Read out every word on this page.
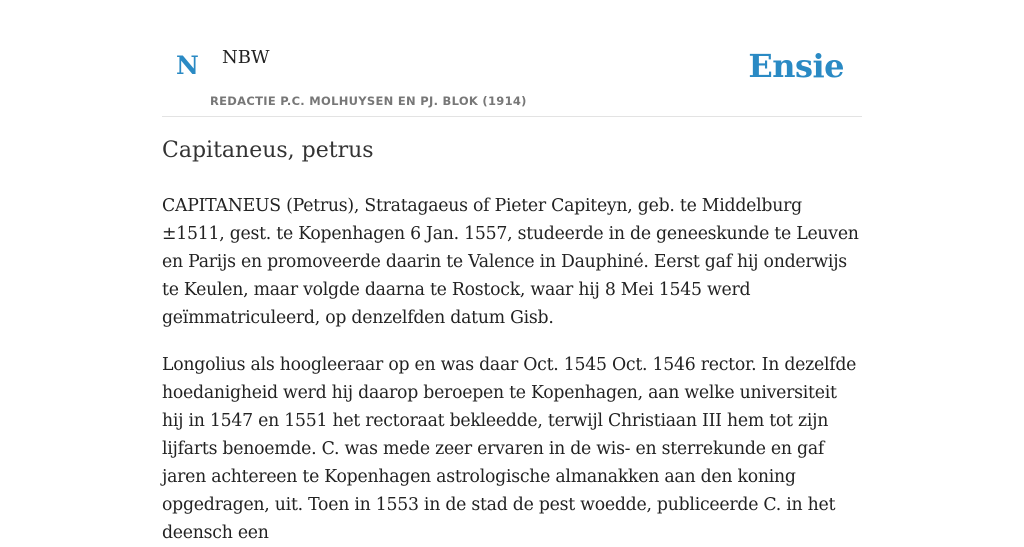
N NBW
REDACTIE P.C. MOLHUYSEN EN PJ. BLOK (1914)
Ensie
Capitaneus, petrus

CAPITANEUS (Petrus), Stratagaeus of Pieter Capiteyn, geb. te Middelburg ±1511, gest. te Kopenhagen 6 Jan. 1557, studeerde in de geneeskunde te Leuven en Parijs en promoveerde daarin te Valence in Dauphiné. Eerst gaf hij onderwijs te Keulen, maar volgde daarna te Rostock, waar hij 8 Mei 1545 werd geïmmatriculeerd, op denzelfden datum Gisb.

Longolius als hoogleeraar op en was daar Oct. 1545 Oct. 1546 rector. In dezelfde hoedanigheid werd hij daarop beroepen te Kopenhagen, aan welke universiteit hij in 1547 en 1551 het rectoraat bekleedde, terwijl Christiaan III hem tot zijn lijfarts benoemde. C. was mede zeer ervaren in de wis- en sterrekunde en gaf jaren achtereen te Kopenhagen astrologische almanakken aan den koning opgedragen, uit. Toen in 1553 in de stad de pest woedde, publiceerde C. in het deensch een
